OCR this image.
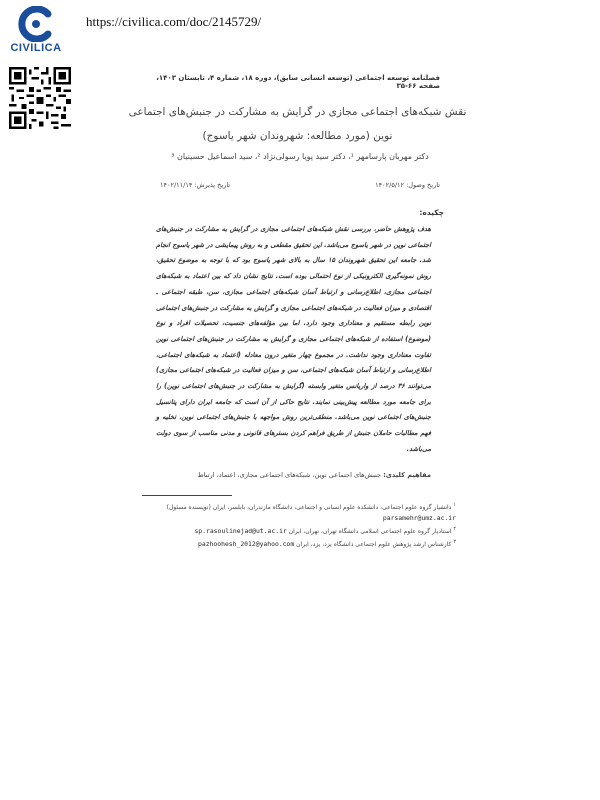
CIVILICA
https://civilica.com/doc/2145729/
فصلنامه توسعه اجتماعی (توسعه انسانی سابق)، دوره ۱۸، شماره ۴، تابستان ۱۴۰۳، صفحه ۶۶-۳۵
نقش شبکه‌های اجتماعی مجازی در گرایش به مشارکت در جنبش‌های اجتماعی نوین (مورد مطالعه: شهروندان شهر یاسوج)
دکتر مهربان پارسامهر ¹، دکتر سید پویا رسولی‌نژاد ²، سید اسماعیل حسینیان ³
تاریخ وصول: ۱۴۰۲/۵/۱۲
تاریخ پذیرش: ۱۴۰۲/۱۱/۱۴
چکیده:
هدف پژوهش حاضر، بررسی نقش شبکه‌های اجتماعی مجازی در گرایش به مشارکت در جنبش‌های اجتماعی نوین در شهر یاسوج می‌باشد. این تحقیق مقطعی و به روش پیمایشی در شهر یاسوج انجام شد. جامعه این تحقیق شهروندان ۱۵ سال به بالای شهر یاسوج بود که با توجه به موضوع تحقیق، روش نمونه‌گیری الکترونیکی از نوع احتمالی بوده است. نتایج نشان داد که بین اعتماد به شبکه‌های اجتماعی مجازی، اطلاع‌رسانی و ارتباط آسان شبکه‌های اجتماعی مجازی، سن، طبقه اجتماعی ـ اقتصادی و میزان فعالیت در شبکه‌های اجتماعی مجازی و گرایش به مشارکت در جنبش‌های اجتماعی نوین رابطه مستقیم و معناداری وجود دارد. اما بین مؤلفه‌های جنسیت، تحصیلات افراد و نوع (موضوع) استفاده از شبکه‌های اجتماعی مجازی و گرایش به مشارکت در جنبش‌های اجتماعی نوین تفاوت معناداری وجود نداشت. در مجموع چهار متغیر درون معادله (اعتماد به شبکه‌های اجتماعی، اطلاع‌رسانی و ارتباط آسان شبکه‌های اجتماعی، سن و میزان فعالیت در شبکه‌های اجتماعی مجازی) می‌توانند ۳۶ درصد از واریانس متغیر وابسته (گرایش به مشارکت در جنبش‌های اجتماعی نوین) را برای جامعه مورد مطالعه پیش‌بینی نمایند. نتایج حاکی از آن است که جامعه ایران دارای پتانسیل جنبش‌های اجتماعی نوین می‌باشد. منطقی‌ترین روش مواجهه با جنبش‌های اجتماعی نوین، تخلیه و فهم مطالبات حاملان جنبش از طریق فراهم کردن بسترهای قانونی و مدنی مناسب از سوی دولت می‌باشد.
مفاهیم کلیدی: جنبش‌های اجتماعی نوین، شبکه‌های اجتماعی مجازی، اعتماد، ارتباط
$^۱$ دانشیار گروه علوم اجتماعی، دانشکده علوم انسانی و اجتماعی، دانشگاه مازندران، بابلسر، ایران (نویسنده مسئول) parsamehr@umz.ac.ir
$^۲$ استادیار گروه علوم اجتماعی اسلامی دانشگاه تهران، تهران، ایران sp.rasoulinejad@ut.ac.ir
$^۳$ کارشناس ارشد پژوهش علوم اجتماعی دانشگاه یزد، یزد، ایران pazhoohesh_2012@yahoo.com
